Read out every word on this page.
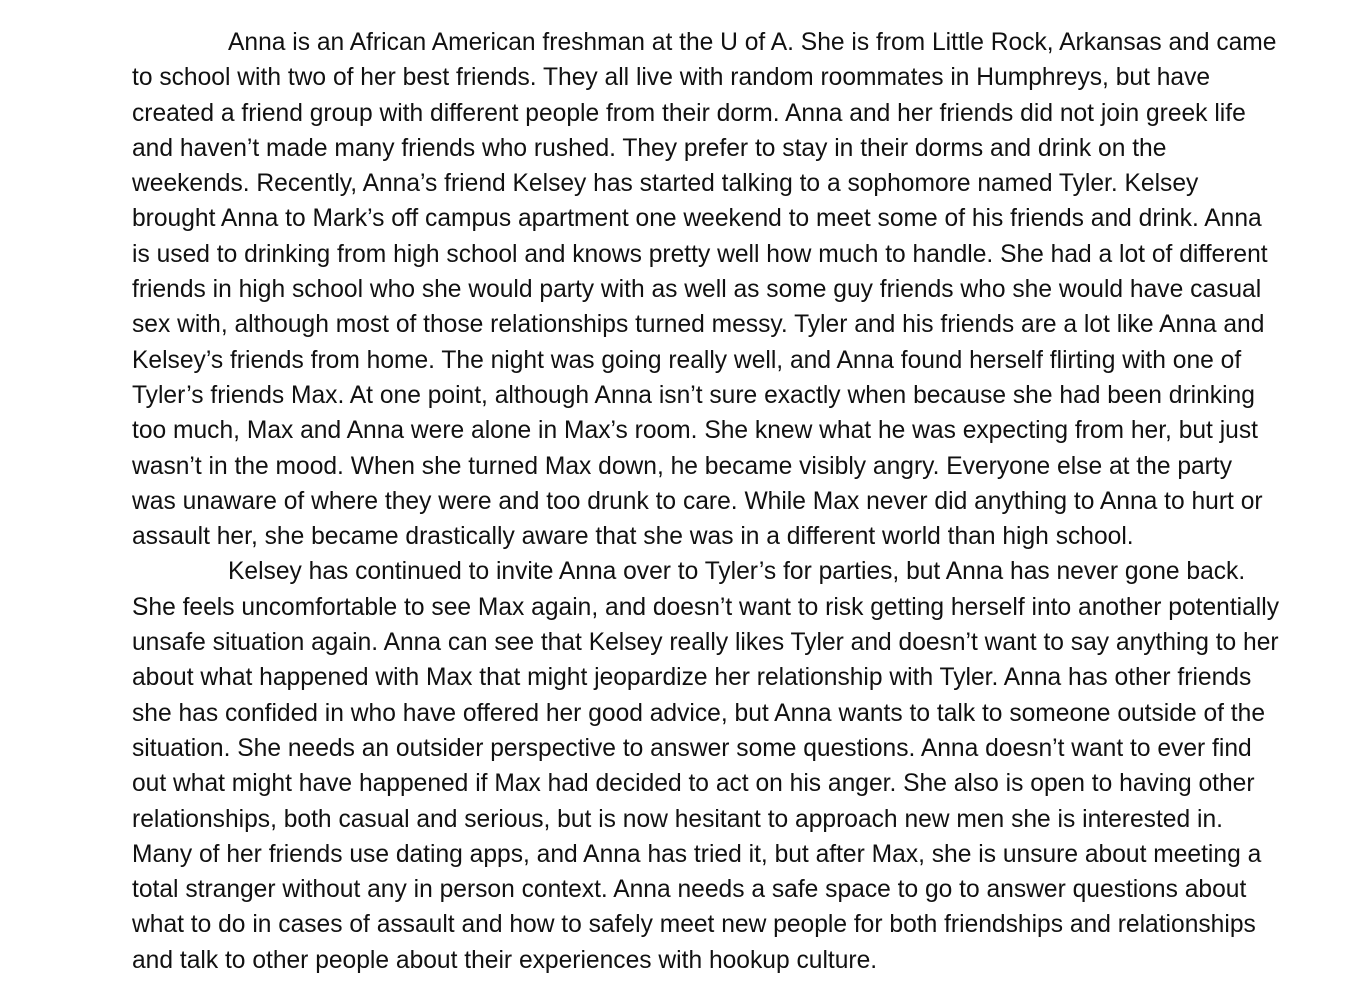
Anna is an African American freshman at the U of A. She is from Little Rock, Arkansas and came
to school with two of her best friends. They all live with random roommates in Humphreys, but have
created a friend group with different people from their dorm. Anna and her friends did not join greek life
and haven’t made many friends who rushed. They prefer to stay in their dorms and drink on the
weekends. Recently, Anna’s friend Kelsey has started talking to a sophomore named Tyler. Kelsey
brought Anna to Mark’s off campus apartment one weekend to meet some of his friends and drink. Anna
is used to drinking from high school and knows pretty well how much to handle. She had a lot of different
friends in high school who she would party with as well as some guy friends who she would have casual
sex with, although most of those relationships turned messy. Tyler and his friends are a lot like Anna and
Kelsey’s friends from home. The night was going really well, and Anna found herself flirting with one of
Tyler’s friends Max. At one point, although Anna isn’t sure exactly when because she had been drinking
too much, Max and Anna were alone in Max’s room. She knew what he was expecting from her, but just
wasn’t in the mood. When she turned Max down, he became visibly angry. Everyone else at the party
was unaware of where they were and too drunk to care. While Max never did anything to Anna to hurt or
assault her, she became drastically aware that she was in a different world than high school.
Kelsey has continued to invite Anna over to Tyler’s for parties, but Anna has never gone back.
She feels uncomfortable to see Max again, and doesn’t want to risk getting herself into another potentially
unsafe situation again. Anna can see that Kelsey really likes Tyler and doesn’t want to say anything to her
about what happened with Max that might jeopardize her relationship with Tyler. Anna has other friends
she has confided in who have offered her good advice, but Anna wants to talk to someone outside of the
situation. She needs an outsider perspective to answer some questions. Anna doesn’t want to ever find
out what might have happened if Max had decided to act on his anger. She also is open to having other
relationships, both casual and serious, but is now hesitant to approach new men she is interested in.
Many of her friends use dating apps, and Anna has tried it, but after Max, she is unsure about meeting a
total stranger without any in person context. Anna needs a safe space to go to answer questions about
what to do in cases of assault and how to safely meet new people for both friendships and relationships
and talk to other people about their experiences with hookup culture.
